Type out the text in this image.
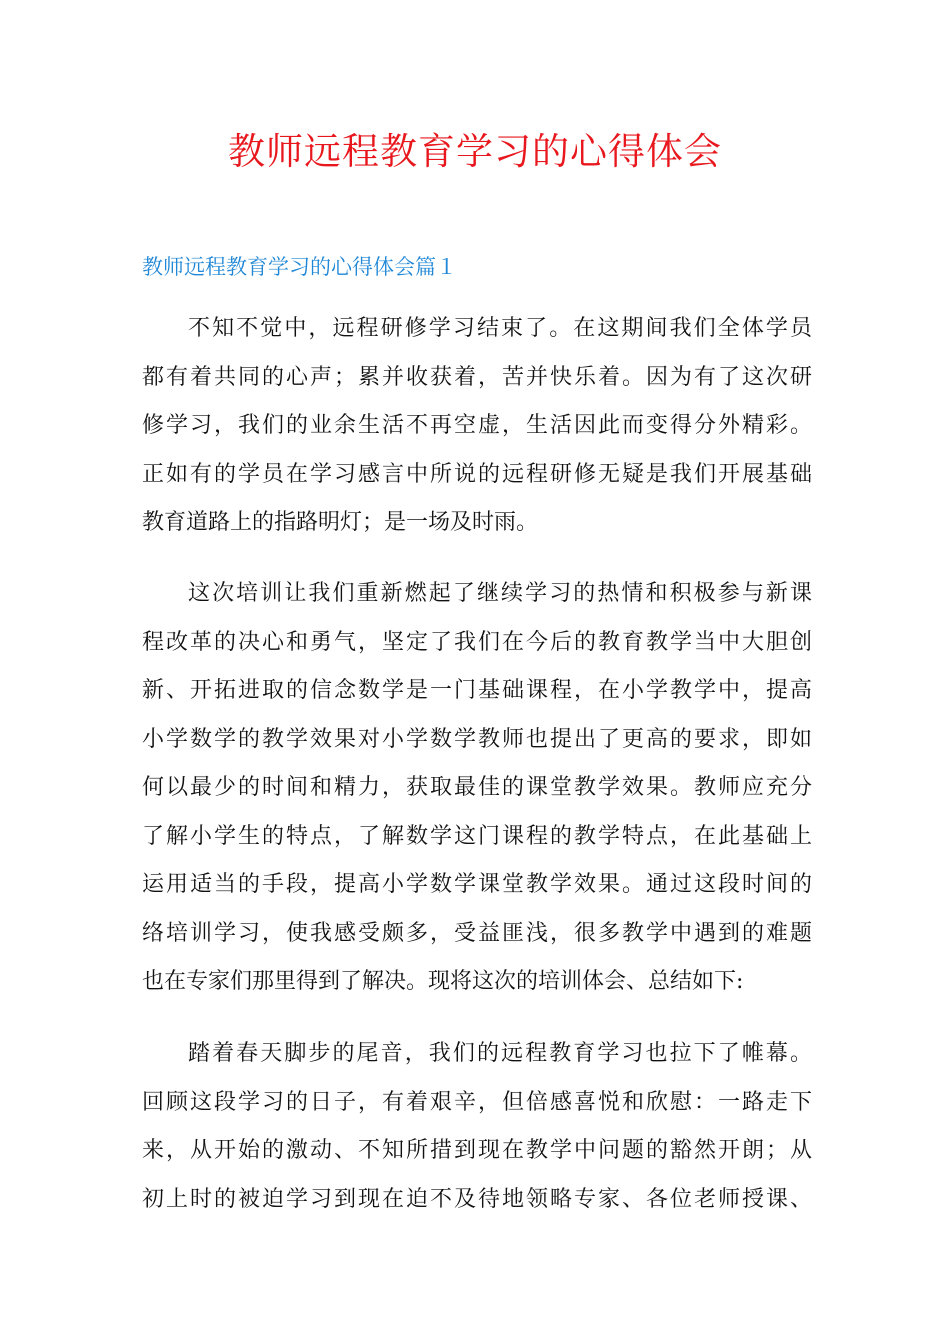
教师远程教育学习的心得体会
教师远程教育学习的心得体会篇１

不知不觉中，远程研修学习结束了。在这期间我们全体学员
都有着共同的心声；累并收获着，苦并快乐着。因为有了这次研
修学习，我们的业余生活不再空虚，生活因此而变得分外精彩。
正如有的学员在学习感言中所说的远程研修无疑是我们开展基础
教育道路上的指路明灯；是一场及时雨。

这次培训让我们重新燃起了继续学习的热情和积极参与新课
程改革的决心和勇气，坚定了我们在今后的教育教学当中大胆创
新、开拓进取的信念数学是一门基础课程，在小学教学中，提高
小学数学的教学效果对小学数学教师也提出了更高的要求，即如
何以最少的时间和精力，获取最佳的课堂教学效果。教师应充分
了解小学生的特点，了解数学这门课程的教学特点，在此基础上
运用适当的手段，提高小学数学课堂教学效果。通过这段时间的
络培训学习，使我感受颇多，受益匪浅，很多教学中遇到的难题
也在专家们那里得到了解决。现将这次的培训体会、总结如下:

踏着春天脚步的尾音，我们的远程教育学习也拉下了帷幕。
回顾这段学习的日子，有着艰辛，但倍感喜悦和欣慰：一路走下
来，从开始的激动、不知所措到现在教学中问题的豁然开朗；从
初上时的被迫学习到现在迫不及待地领略专家、各位老师授课、
